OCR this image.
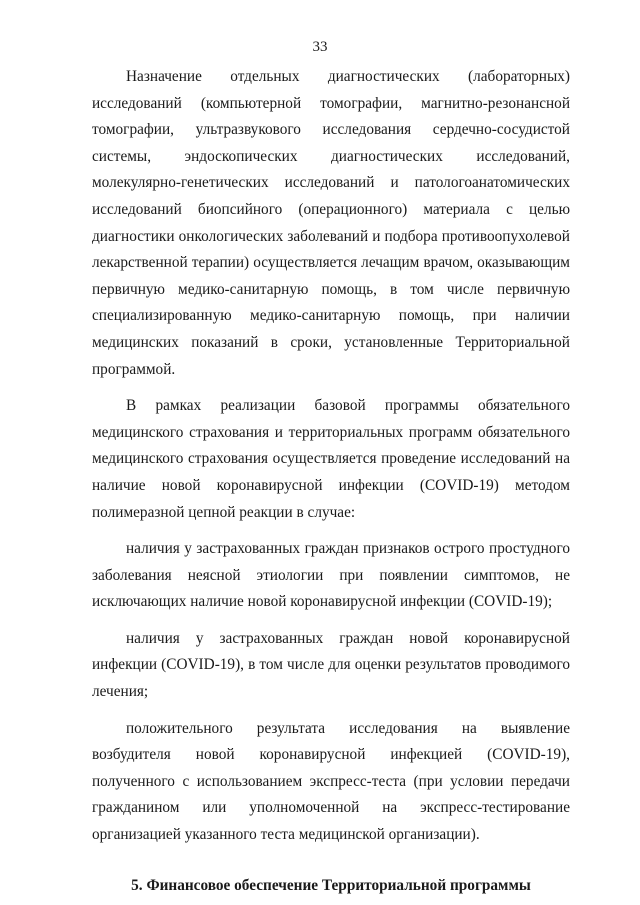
33

Назначение отдельных диагностических (лабораторных) исследований (компьютерной томографии, магнитно-резонансной томографии, ультразвукового исследования сердечно-сосудистой системы, эндоскопических диагностических исследований, молекулярно-генетических исследований и патологоанатомических исследований биопсийного (операционного) материала с целью диагностики онкологических заболеваний и подбора противоопухолевой лекарственной терапии) осуществляется лечащим врачом, оказывающим первичную медико-санитарную помощь, в том числе первичную специализированную медико-санитарную помощь, при наличии медицинских показаний в сроки, установленные Территориальной программой.

В рамках реализации базовой программы обязательного медицинского страхования и территориальных программ обязательного медицинского страхования осуществляется проведение исследований на наличие новой коронавирусной инфекции (COVID-19) методом полимеразной цепной реакции в случае:

наличия у застрахованных граждан признаков острого простудного заболевания неясной этиологии при появлении симптомов, не исключающих наличие новой коронавирусной инфекции (COVID-19);

наличия у застрахованных граждан новой коронавирусной инфекции (COVID-19), в том числе для оценки результатов проводимого лечения;

положительного результата исследования на выявление возбудителя новой коронавирусной инфекцией (COVID-19), полученного с использованием экспресс-теста (при условии передачи гражданином или уполномоченной на экспресс-тестирование организацией указанного теста медицинской организации).

5. Финансовое обеспечение Территориальной программы
